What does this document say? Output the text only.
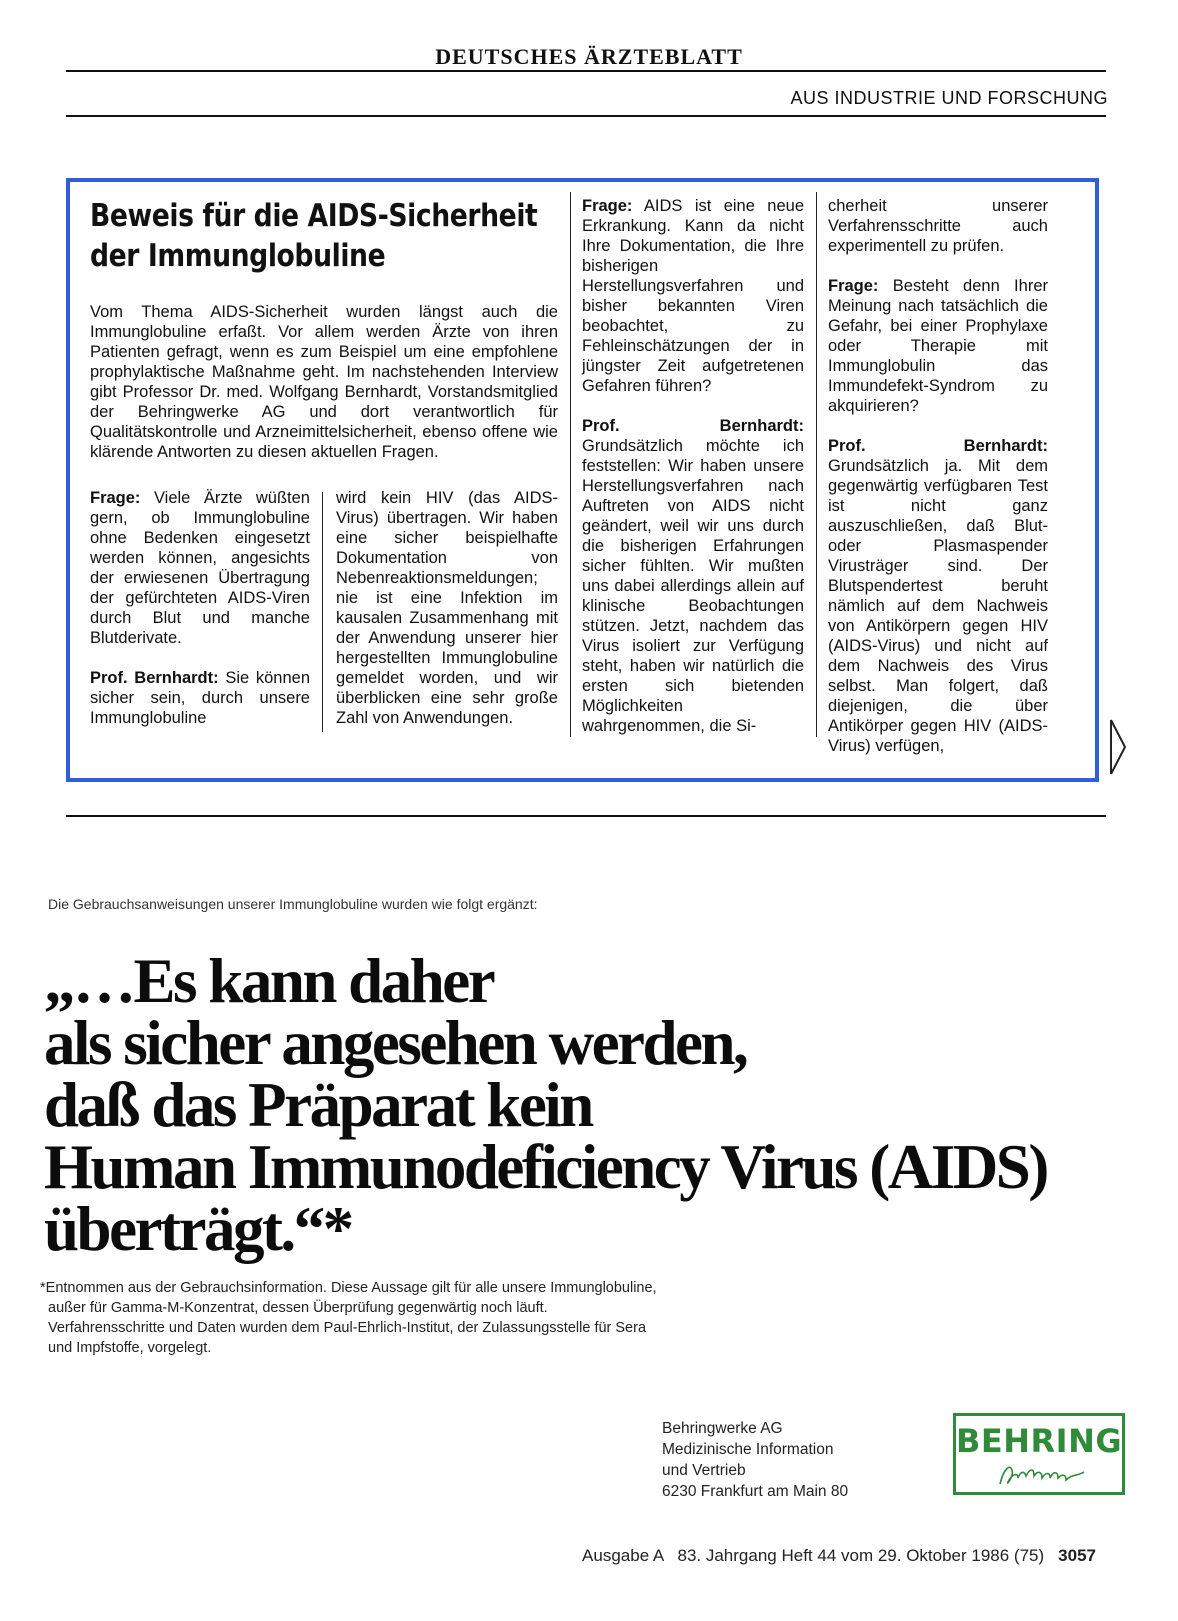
DEUTSCHES ÄRZTEBLATT
AUS INDUSTRIE UND FORSCHUNG
Beweis für die AIDS-Sicherheit
der Immunglobuline

Vom Thema AIDS-Sicherheit wurden längst auch die Immunglobuline erfaßt. Vor allem werden Ärzte von ihren Patienten gefragt, wenn es zum Beispiel um eine empfohlene prophylaktische Maßnahme geht. Im nachstehenden Interview gibt Professor Dr. med. Wolfgang Bernhardt, Vorstandsmitglied der Behringwerke AG und dort verantwortlich für Qualitätskontrolle und Arzneimittelsicherheit, ebenso offene wie klärende Antworten zu diesen aktuellen Fragen.

Frage: Viele Ärzte wüßten gern, ob Immunglobuline ohne Bedenken eingesetzt werden können, angesichts der erwiesenen Übertragung der gefürchteten AIDS-Viren durch Blut und manche Blutderivate.

Prof. Bernhardt: Sie können sicher sein, durch unsere Immunglobuline

wird kein HIV (das AIDS-Virus) übertragen. Wir haben eine sicher beispielhafte Dokumentation von Nebenreaktionsmeldungen; nie ist eine Infektion im kausalen Zusammenhang mit der Anwendung unserer hier hergestellten Immunglobuline gemeldet worden, und wir überblicken eine sehr große Zahl von Anwendungen.

Frage: AIDS ist eine neue Erkrankung. Kann da nicht Ihre Dokumentation, die Ihre bisherigen Herstellungsverfahren und bisher bekannten Viren beobachtet, zu Fehleinschätzungen der in jüngster Zeit aufgetretenen Gefahren führen?

Prof. Bernhardt: Grundsätzlich möchte ich feststellen: Wir haben unsere Herstellungsverfahren nach Auftreten von AIDS nicht geändert, weil wir uns durch die bisherigen Erfahrungen sicher fühlten. Wir mußten uns dabei allerdings allein auf klinische Beobachtungen stützen. Jetzt, nachdem das Virus isoliert zur Verfügung steht, haben wir natürlich die ersten sich bietenden Möglichkeiten wahrgenommen, die Si-

cherheit unserer Verfahrensschritte auch experimentell zu prüfen.

Frage: Besteht denn Ihrer Meinung nach tatsächlich die Gefahr, bei einer Prophylaxe oder Therapie mit Immunglobulin das Immundefekt-Syndrom zu akquirieren?

Prof. Bernhardt: Grundsätzlich ja. Mit dem gegenwärtig verfügbaren Test ist nicht ganz auszuschließen, daß Blut- oder Plasmaspender Virusträger sind. Der Blutspendertest beruht nämlich auf dem Nachweis von Antikörpern gegen HIV (AIDS-Virus) und nicht auf dem Nachweis des Virus selbst. Man folgert, daß diejenigen, die über Antikörper gegen HIV (AIDS-Virus) verfügen,

Die Gebrauchsanweisungen unserer Immunglobuline wurden wie folgt ergänzt:
„…Es kann daher
als sicher angesehen werden,
daß das Präparat kein
Human Immunodeficiency Virus (AIDS)
überträgt.“*
*Entnommen aus der Gebrauchsinformation. Diese Aussage gilt für alle unsere Immunglobuline,
außer für Gamma-M-Konzentrat, dessen Überprüfung gegenwärtig noch läuft.
Verfahrensschritte und Daten wurden dem Paul-Ehrlich-Institut, der Zulassungsstelle für Sera
und Impfstoffe, vorgelegt.
Behringwerke AG
Medizinische Information
und Vertrieb
6230 Frankfurt am Main 80
BEHRING
Ausgabe A   83. Jahrgang Heft 44 vom 29. Oktober 1986 (75) 3057
